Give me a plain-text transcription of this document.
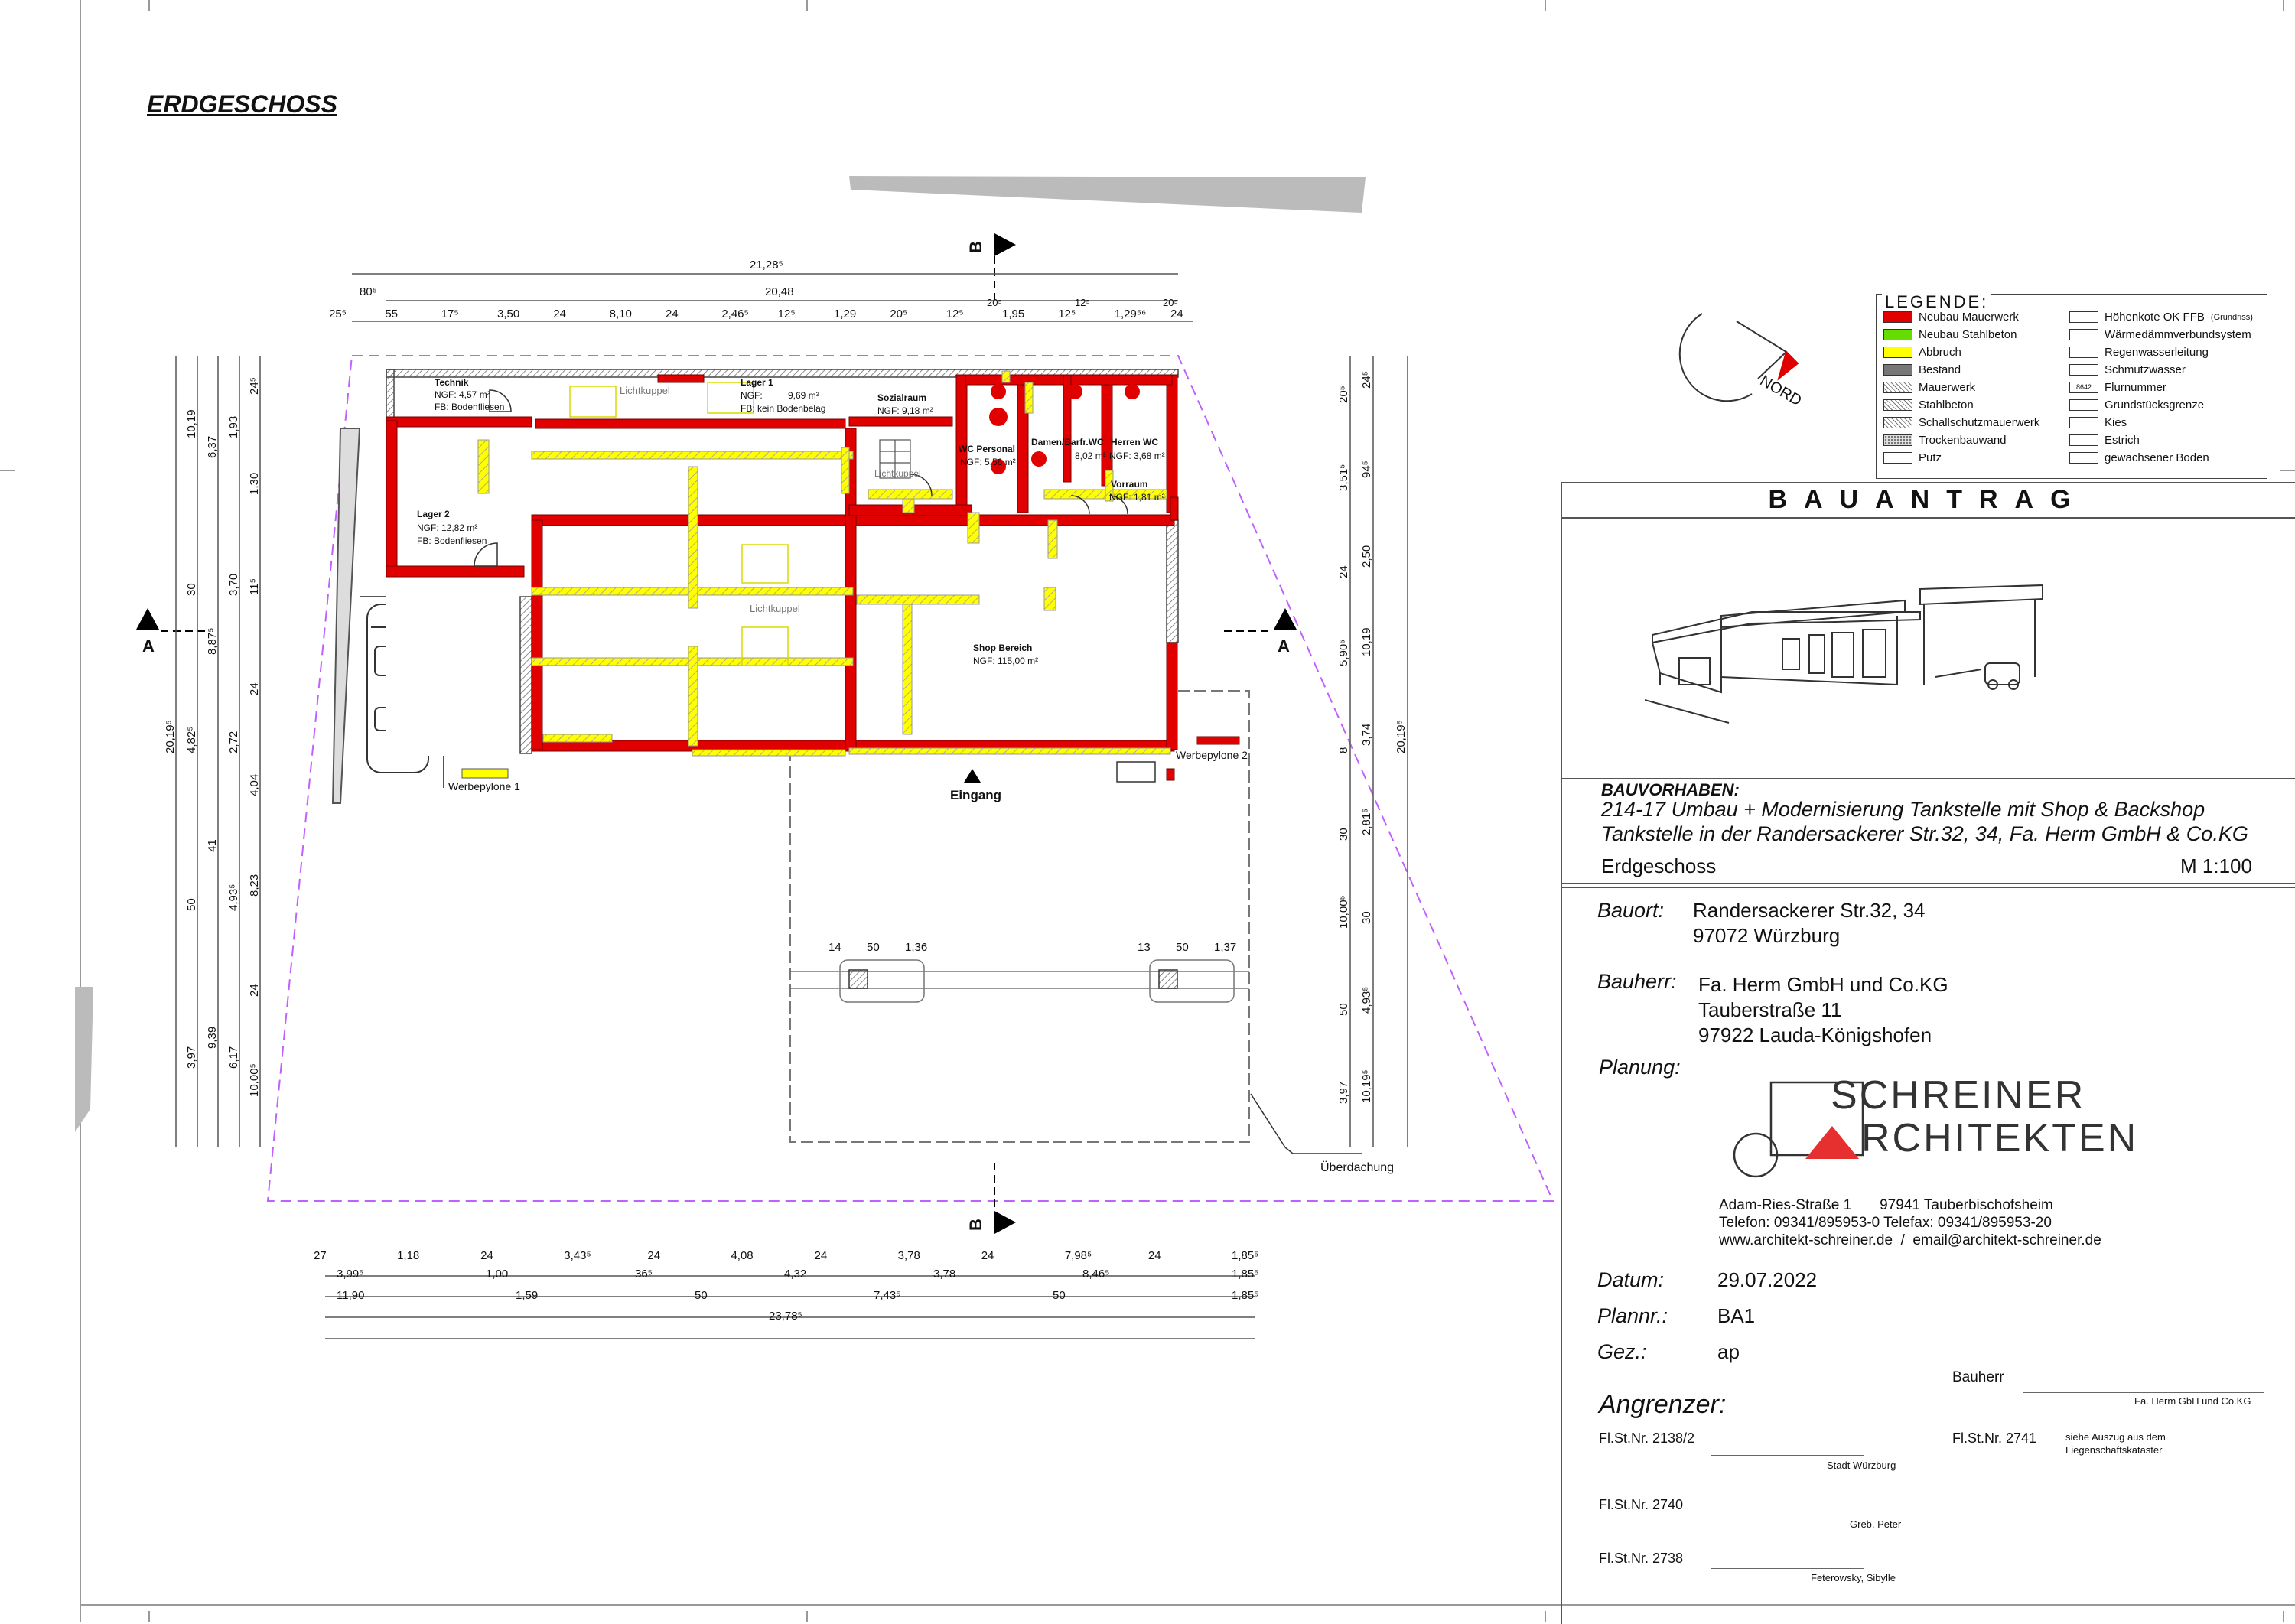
ERDGESCHOSS
Technik
NGF: 4,57 m²
FB: Bodenfliesen
Lager 2
NGF: 12,82 m²
FB: Bodenfliesen
Lager 1
NGF:          9,69 m²
FB: kein Bodenbelag
Sozialraum
NGF: 9,18 m²
WC Personal
NGF: 5,56 m²
Damen/Barfr.WC
8,02 m²
Herren WC
NGF: 3,68 m²
Vorraum
NGF: 1,81 m²
Shop Bereich
NGF: 115,00 m²
Lichtkuppel
Lichtkuppel
Lichtkuppel
Werbepylone 1
Werbepylone 2
Eingang
Überdachung
NORD
A	A
B
B
21,28⁵
80⁵	20,48
25⁵	55	17⁵	3,50	24	8,10	24	2,46⁵	12⁵	1,29	20⁵	12⁵	1,95	12⁵	1,29⁵⁶ 24
20⁵	12⁵	20⁵
27	1,18	24	3,43⁵	24	4,08	24	3,78	24	7,98⁵	24	1,85⁵
3,99⁵	1,00	36⁵	4,32	3,78	8,46⁵	1,85⁵
11,90	1,59	50	7,43⁵	50	1,85⁵
23,78⁵
14 50 1,36	13 50 1,37
20,19⁵
10,19
30
4,82⁵
50
3,97
6,37
8,87⁵
41
9,39
1,93
3,70
2,72
4,93⁵
6,17
24⁵
1,30
11⁵
24
4,04
8,23
24
10,00⁵
20⁵
3,51⁵
24
5,90⁵
8
30
10,00⁵
50
3,97
24⁵
94⁵
2,50
10,19
3,74
2,81⁵
30
4,93⁵
10,19⁵
20,19⁵
LEGENDE:
Neubau Mauerwerk
Neubau Stahlbeton
Abbruch
Bestand
Mauerwerk
Stahlbeton
Schallschutzmauerwerk
Trockenbauwand
Putz
Höhenkote OK FFB (Grundriss)
Wärmedämmverbundsystem
Regenwasserleitung
Schmutzwasser
8642	Flurnummer
Grundstücksgrenze
Kies
Estrich
gewachsener Boden
BAUANTRAG
BAUVORHABEN:
214-17 Umbau + Modernisierung Tankstelle mit Shop & Backshop
Tankstelle in der Randersackerer Str.32, 34, Fa. Herm GmbH & Co.KG
Erdgeschoss	M 1:100
Bauort: Randersackerer Str.32, 34
97072 Würzburg
Bauherr: Fa. Herm GmbH und Co.KG
Tauberstraße 11
97922 Lauda-Königshofen
Planung:
SCHREINER
RCHITEKTEN
Adam-Ries-Straße 1       97941 Tauberbischofsheim
Telefon: 09341/895953-0 Telefax: 09341/895953-20
www.architekt-schreiner.de  /  email@architekt-schreiner.de
Datum:	29.07.2022
Plannr.: BA1
Gez.:	ap
Bauherr
Fa. Herm GbH und Co.KG
Angrenzer:
Fl.St.Nr. 2138/2
Stadt Würzburg
Fl.St.Nr. 2740
Greb, Peter
Fl.St.Nr. 2738
Feterowsky, Sibylle
Fl.St.Nr. 2741	siehe Auszug aus dem
Liegenschaftskataster
